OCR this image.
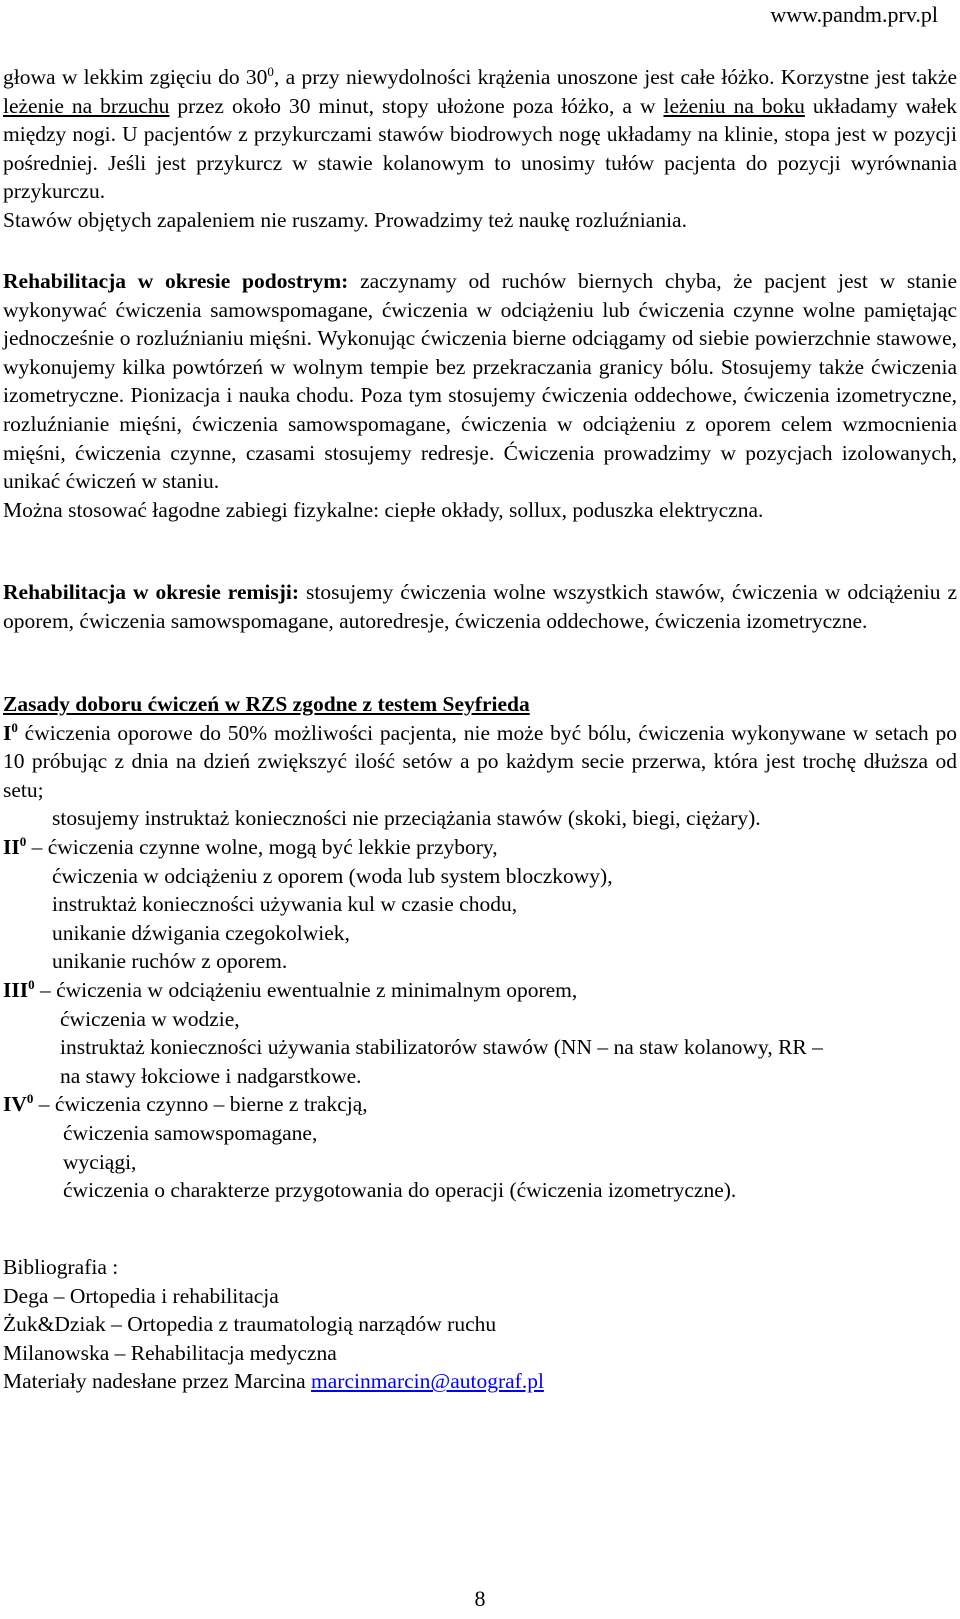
www.pandm.prv.pl

głowa w lekkim zgięciu do $30^0$, a przy niewydolności krążenia unoszone jest całe łóżko. Korzystne jest także leżenie na brzuchu przez około 30 minut, stopy ułożone poza łóżko, a w leżeniu na boku układamy wałek między nogi. U pacjentów z przykurczami stawów biodrowych nogę układamy na klinie, stopa jest w pozycji pośredniej. Jeśli jest przykurcz w stawie kolanowym to unosimy tułów pacjenta do pozycji wyrównania przykurczu.

Stawów objętych zapaleniem nie ruszamy. Prowadzimy też naukę rozluźniania.

Rehabilitacja w okresie podostrym: zaczynamy od ruchów biernych chyba, że pacjent jest w stanie wykonywać ćwiczenia samowspomagane, ćwiczenia w odciążeniu lub ćwiczenia czynne wolne pamiętając jednocześnie o rozluźnianiu mięśni. Wykonując ćwiczenia bierne odciągamy od siebie powierzchnie stawowe, wykonujemy kilka powtórzeń w wolnym tempie bez przekraczania granicy bólu. Stosujemy także ćwiczenia izometryczne. Pionizacja i nauka chodu. Poza tym stosujemy ćwiczenia oddechowe, ćwiczenia izometryczne, rozluźnianie mięśni, ćwiczenia samowspomagane, ćwiczenia w odciążeniu z oporem celem wzmocnienia mięśni, ćwiczenia czynne, czasami stosujemy redresje. Ćwiczenia prowadzimy w pozycjach izolowanych, unikać ćwiczeń w staniu.

Można stosować łagodne zabiegi fizykalne: ciepłe okłady, sollux, poduszka elektryczna.

Rehabilitacja w okresie remisji: stosujemy ćwiczenia wolne wszystkich stawów, ćwiczenia w odciążeniu z oporem, ćwiczenia samowspomagane, autoredresje, ćwiczenia oddechowe, ćwiczenia izometryczne.

Zasady doboru ćwiczeń w RZS zgodne z testem Seyfrieda

$I^0$ ćwiczenia oporowe do 50% możliwości pacjenta, nie może być bólu, ćwiczenia wykonywane w setach po 10 próbując z dnia na dzień zwiększyć ilość setów a po każdym secie przerwa, która jest trochę dłuższa od setu;

stosujemy instruktaż konieczności nie przeciążania stawów (skoki, biegi, ciężary).
$II^0$ – ćwiczenia czynne wolne, mogą być lekkie przybory,
ćwiczenia w odciążeniu z oporem (woda lub system bloczkowy),
instruktaż konieczności używania kul w czasie chodu,
unikanie dźwigania czegokolwiek,
unikanie ruchów z oporem.
III$^0$ – ćwiczenia w odciążeniu ewentualnie z minimalnym oporem,
ćwiczenia w wodzie,
instruktaż konieczności używania stabilizatorów stawów (NN – na staw kolanowy, RR –
na stawy łokciowe i nadgarstkowe.
$IV^0$ – ćwiczenia czynno – bierne z trakcją,
ćwiczenia samowspomagane,
wyciągi,
ćwiczenia o charakterze przygotowania do operacji (ćwiczenia izometryczne).
Bibliografia :
Dega – Ortopedia i rehabilitacja
Żuk&Dziak – Ortopedia z traumatologią narządów ruchu
Milanowska – Rehabilitacja medyczna
Materiały nadesłane przez Marcina marcinmarcin@autograf.pl
8
